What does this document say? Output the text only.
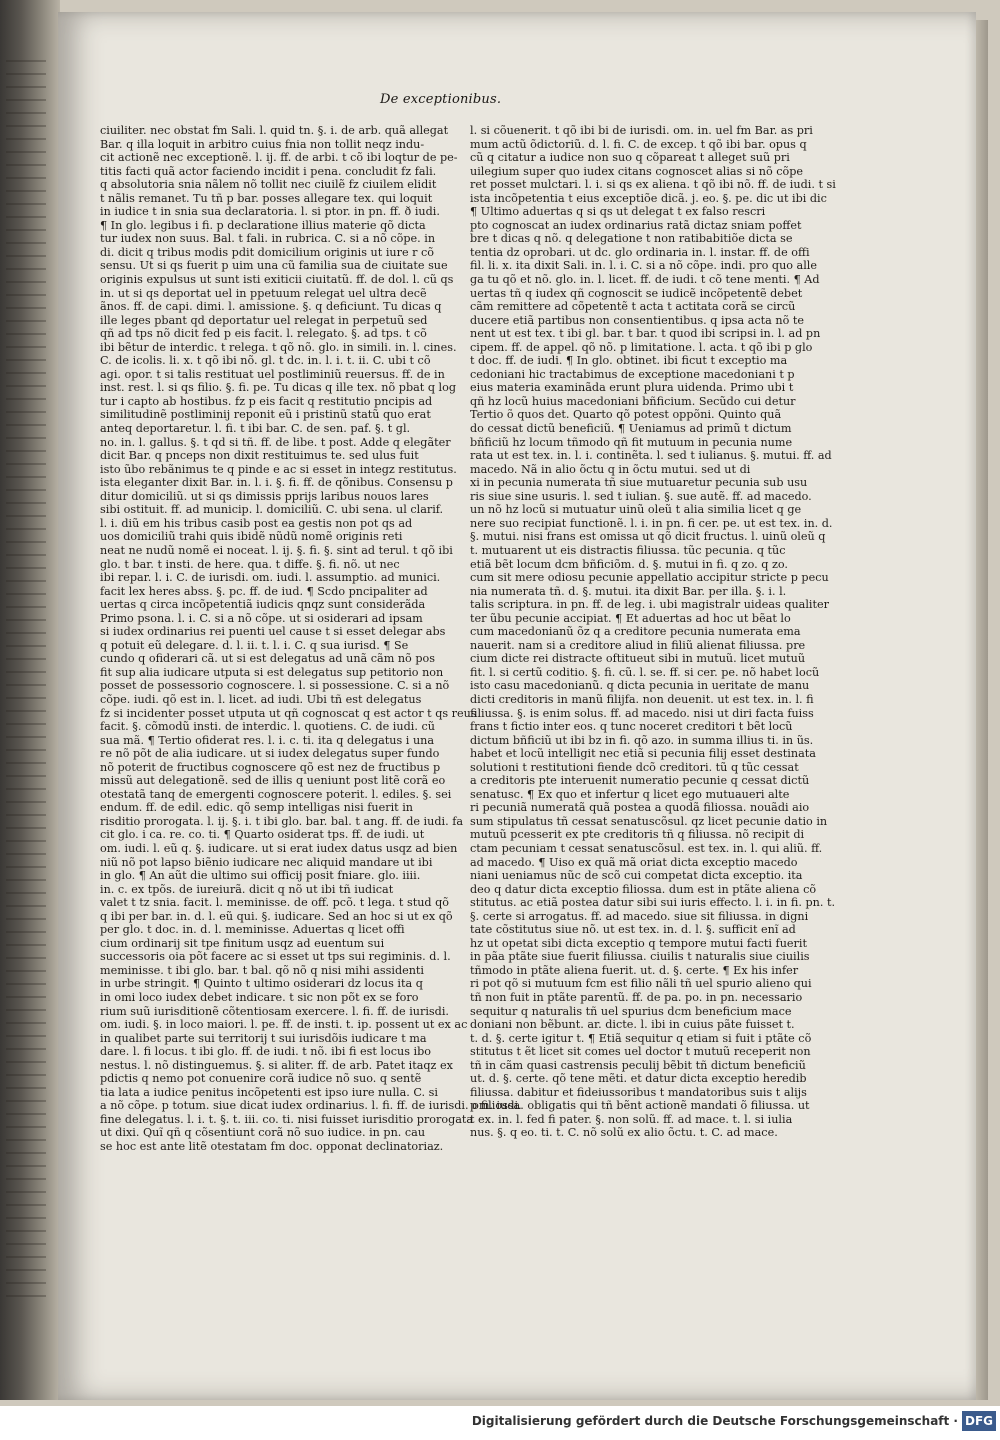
De exceptionibus.

ciuiliter. nec obstat fm Sali. l. quid tn. §. i. de arb. quã allegat

Bar. q illa loquit in arbitro cuius fnia non tollit neqz indu-

cit actionẽ nec exceptionẽ. l. ij. ff. de arbi. t cõ ibi loqtur de pe-

titis facti quã actor faciendo incidit i pena. concludit fz fali.

q absolutoria snia nãlem nõ tollit nec ciuilẽ fz ciuilem elidit

t nãlis remanet. Tu tñ p bar. posses allegare tex. qui loquit

in iudice t in snia sua declaratoria. l. si ptor. in pn. ff. ð iudi.

¶ In glo. legibus i fi. p declaratione illius materie qõ dicta

tur iudex non suus. Bal. t fali. in rubrica. C. si a nõ cõpe. in

di. dicit q tribus modis pdit domicilium originis ut iure r cõ

sensu. Ut si qs fuerit p uim una cũ familia sua de ciuitate sue

originis expulsus ut sunt isti exiticii ciuitatũ. ff. de dol. l. cũ qs

in. ut si qs deportat uel in ppetuum relegat uel ultra decẽ

ãnos. ff. de capi. dimi. l. amissione. §. q deficiunt. Tu dicas q

ille leges pbant qd deportatur uel relegat in perpetuũ sed

qñ ad tps nõ dicit fed p eis facit. l. relegato. §. ad tps. t cõ

ibi bẽtur de interdic. t relega. t qõ nõ. glo. in simili. in. l. cines.

C. de icolis. li. x. t qõ ibi nõ. gl. t dc. in. l. i. t. ii. C. ubi t cõ

agi. opor. t si talis restituat uel postliminiũ reuersus. ff. de in

inst. rest. l. si qs filio. §. fi. pe. Tu dicas q ille tex. nõ pbat q log

tur i capto ab hostibus. fz p eis facit q restitutio pncipis ad

similitudinẽ postliminij reponit eũ i pristinũ statũ quo erat

anteq deportaretur. l. fi. t ibi bar. C. de sen. paf. §. t gl.

no. in. l. gallus. §. t qd si tñ. ff. de libe. t post. Adde q elegãter

dicit Bar. q pnceps non dixit restituimus te. sed ulus fuit

isto ũbo rebãnimus te q pinde e ac si esset in integz restitutus.

ista eleganter dixit Bar. in. l. i. §. fi. ff. de qõnibus. Consensu p

ditur domiciliũ. ut si qs dimissis pprijs laribus nouos lares

sibi ostituit. ff. ad municip. l. domiciliũ. C. ubi sena. ul clarif.

l. i. diũ em his tribus casib post ea gestis non pot qs ad

uos domiciliũ trahi quis ibidẽ nũdũ nomẽ originis reti

neat ne nudũ nomẽ ei noceat. l. ij. §. fi. §. sint ad terul. t qõ ibi

glo. t bar. t insti. de here. qua. t diffe. §. fi. nõ. ut nec

ibi repar. l. i. C. de iurisdi. om. iudi. l. assumptio. ad munici.

facit lex heres abss. §. pc. ff. de iud. ¶ Scdo pncipaliter ad

uertas q circa incõpetentiã iudicis qnqz sunt considerãda

Primo psona. l. i. C. si a nõ cõpe. ut si osiderari ad ipsam

si iudex ordinarius rei puenti uel cause t si esset delegar abs

q potuit eũ delegare. d. l. ii. t. l. i. C. q sua iurisd. ¶ Se

cundo q ofiderari cã. ut si est delegatus ad unã cãm nõ pos

fit sup alia iudicare utputa si est delegatus sup petitorio non

posset de possessorio cognoscere. l. si possessione. C. si a nõ

cõpe. iudi. qõ est in. l. licet. ad iudi. Ubi tñ est delegatus

fz si incidenter posset utputa ut qñ cognoscat q est actor t qs reus

facit. §. cõmodũ insti. de interdic. l. quotiens. C. de iudi. cũ

sua mã. ¶ Tertio ofiderat res. l. i. c. ti. ita q delegatus i una

re nõ põt de alia iudicare. ut si iudex delegatus super fundo

nõ poterit de fructibus cognoscere qõ est nez de fructibus p

missũ aut delegationẽ. sed de illis q ueniunt post litẽ corã eo

otestatã tanq de emergenti cognoscere poterit. l. ediles. §. sei

endum. ff. de edil. edic. qõ semp intelligas nisi fuerit in

risditio prorogata. l. ij. §. i. t ibi glo. bar. bal. t ang. ff. de iudi. fa

cit glo. i ca. re. co. ti. ¶ Quarto osiderat tps. ff. de iudi. ut

om. iudi. l. eũ q. §. iudicare. ut si erat iudex datus usqz ad bien

niũ nõ pot lapso biẽnio iudicare nec aliquid mandare ut ibi

in glo. ¶ An aũt die ultimo sui officij posit fniare. glo. iiii.

in. c. ex tpõs. de iureiurã. dicit q nõ ut ibi tñ iudicat

valet t tz snia. facit. l. meminisse. de off. pcõ. t lega. t stud qõ

q ibi per bar. in. d. l. eũ qui. §. iudicare. Sed an hoc si ut ex qõ

per glo. t doc. in. d. l. meminisse. Aduertas q licet offi

cium ordinarij sit tpe finitum usqz ad euentum sui

successoris oia põt facere ac si esset ut tps sui regiminis. d. l.

meminisse. t ibi glo. bar. t bal. qõ nõ q nisi mihi assidenti

in urbe stringit. ¶ Quinto t ultimo osiderari dz locus ita q

in omi loco iudex debet indicare. t sic non põt ex se foro

rium suũ iurisditionẽ cõtentiosam exercere. l. fi. ff. de iurisdi.

om. iudi. §. in loco maiori. l. pe. ff. de insti. t. ip. possent ut ex ac

in qualibet parte sui territorij t sui iurisdõis iudicare t ma

dare. l. fi locus. t ibi glo. ff. de iudi. t nõ. ibi fi est locus ibo

nestus. l. nõ distinguemus. §. si aliter. ff. de arb. Patet itaqz ex

pdictis q nemo pot conuenire corã iudice nõ suo. q sentẽ

tia lata a iudice penitus incõpetenti est ipso iure nulla. C. si

a nõ cõpe. p totum. siue dicat iudex ordinarius. l. fi. ff. de iurisdi. om. iudi.

fine delegatus. l. i. t. §. t. iii. co. ti. nisi fuisset iurisditio prorogata

ut dixi. Quĩ qñ q cõsentiunt corã nõ suo iudice. in pn. cau

se hoc est ante litẽ otestatam fm doc. opponat declinatoriaz.

l. si cõuenerit. t qõ ibi bi de iurisdi. om. in. uel fm Bar. as pri

mum actũ õdictoriũ. d. l. fi. C. de excep. t qõ ibi bar. opus q

cũ q citatur a iudice non suo q cõpareat t alleget suũ pri

uilegium super quo iudex citans cognoscet alias si nõ cõpe

ret posset mulctari. l. i. si qs ex aliena. t qõ ibi nõ. ff. de iudi. t si

ista incõpetentia t eius exceptiõe dicã. j. eo. §. pe. dic ut ibi dic

¶ Ultimo aduertas q si qs ut delegat t ex falso rescri

pto cognoscat an iudex ordinarius ratã dictaz sniam poffet

bre t dicas q nõ. q delegatione t non ratibabitiõe dicta se

tentia dz oprobari. ut dc. glo ordinaria in. l. instar. ff. de offi

fil. li. x. ita dixit Sali. in. l. i. C. si a nõ cõpe. indi. pro quo alle

ga tu qõ et nõ. glo. in. l. licet. ff. de iudi. t cõ tene menti. ¶ Ad

uertas tñ q iudex qñ cognoscit se iudicẽ incõpetentẽ debet

cãm remittere ad cõpetentẽ t acta t actitata corã se circũ

ducere etiã partibus non consentientibus. q ipsa acta nõ te

nent ut est tex. t ibi gl. bar. t bar. t quod ibi scripsi in. l. ad pn

cipem. ff. de appel. qõ nõ. p limitatione. l. acta. t qõ ibi p glo

t doc. ff. de iudi. ¶ In glo. obtinet. ibi ficut t exceptio ma

cedoniani hic tractabimus de exceptione macedoniani t p

eius materia examinãda erunt plura uidenda. Primo ubi t

qñ hz locũ huius macedoniani bñficium. Secũdo cui detur

Tertio õ quos det. Quarto qõ potest oppõni. Quinto quã

do cessat dictũ beneficiũ. ¶ Ueniamus ad primũ t dictum

bñficiũ hz locum tñmodo qñ fit mutuum in pecunia nume

rata ut est tex. in. l. i. continẽta. l. sed t iulianus. §. mutui. ff. ad

macedo. Nã in alio õctu q in õctu mutui. sed ut di

xi in pecunia numerata tñ siue mutuaretur pecunia sub usu

ris siue sine usuris. l. sed t iulian. §. sue autẽ. ff. ad macedo.

un nõ hz locũ si mutuatur uinũ oleũ t alia similia licet q ge

nere suo recipiat functionẽ. l. i. in pn. fi cer. pe. ut est tex. in. d.

§. mutui. nisi frans est omissa ut qõ dicit fructus. l. uinũ oleũ q

t. mutuarent ut eis distractis filiussa. tũc pecunia. q tũc

etiã bẽt locum dcm bñficiõm. d. §. mutui in fi. q zo. q zo.

cum sit mere odiosu pecunie appellatio accipitur stricte p pecu

nia numerata tñ. d. §. mutui. ita dixit Bar. per illa. §. i. l.

talis scriptura. in pn. ff. de leg. i. ubi magistralr uideas qualiter

ter ũbu pecunie accipiat. ¶ Et aduertas ad hoc ut bẽat lo

cum macedonianũ õz q a creditore pecunia numerata ema

nauerit. nam si a creditore aliud in filiũ alienat filiussa. pre

cium dicte rei distracte oftitueut sibi in mutuũ. licet mutuũ

fit. l. si certũ coditio. §. fi. cũ. l. se. ff. si cer. pe. nõ habet locũ

isto casu macedonianũ. q dicta pecunia in ueritate de manu

dicti creditoris in manũ filijfa. non deuenit. ut est tex. in. l. fi

filiussa. §. is enim solus. ff. ad macedo. nisi ut diri facta fuiss

frans t fictio inter eos. q tunc noceret creditori t bẽt locũ

dictum bñficiũ ut ibi bz in fi. qõ azo. in summa illius ti. in ũs.

habet et locũ intelligit nec etiã si pecunia filij esset destinata

solutioni t restitutioni fiende dcõ creditori. tũ q tũc cessat

a creditoris pte interuenit numeratio pecunie q cessat dictũ

senatusc. ¶ Ex quo et infertur q licet ego mutuaueri alte

ri pecuniã numeratã quã postea a quodã filiossa. nouãdi aio

sum stipulatus tñ cessat senatuscõsul. qz licet pecunie datio in

mutuũ pcesserit ex pte creditoris tñ q filiussa. nõ recipit di

ctam pecuniam t cessat senatuscõsul. est tex. in. l. qui aliũ. ff.

ad macedo. ¶ Uiso ex quã mã oriat dicta exceptio macedo

niani ueniamus nũc de scõ cui competat dicta exceptio. ita

deo q datur dicta exceptio filiossa. dum est in ptãte aliena cõ

stitutus. ac etiã postea datur sibi sui iuris effecto. l. i. in fi. pn. t.

§. certe si arrogatus. ff. ad macedo. siue sit filiussa. in digni

tate cõstitutus siue nõ. ut est tex. in. d. l. §. sufficit enĩ ad

hz ut opetat sibi dicta exceptio q tempore mutui facti fuerit

in pãa ptãte siue fuerit filiussa. ciuilis t naturalis siue ciuilis

tñmodo in ptãte aliena fuerit. ut. d. §. certe. ¶ Ex his infer

ri pot qõ si mutuum fcm est filio nãli tñ uel spurio alieno qui

tñ non fuit in ptãte parentũ. ff. de pa. po. in pn. necessario

sequitur q naturalis tñ uel spurius dcm beneficium mace

doniani non bẽbunt. ar. dicte. l. ibi in cuius pãte fuisset t.

t. d. §. certe igitur t. ¶ Etiã sequitur q etiam si fuit i ptãte cõ

stitutus t ẽt licet sit comes uel doctor t mutuũ receperit non

tñ in cãm quasi castrensis peculij bẽbit tñ dictum beneficiũ

ut. d. §. certe. qõ tene mẽti. et datur dicta exceptio heredib

filiussa. dabitur et fideiussoribus t mandatoribus suis t alijs

p filiossa. obligatis qui tñ bẽnt actionẽ mandati õ filiussa. ut

t ex. in. l. fed fi pater. §. non solũ. ff. ad mace. t. l. si iulia

nus. §. q eo. ti. t. C. nõ solũ ex alio õctu. t. C. ad mace.

Digitalisierung gefördert durch die Deutsche Forschungsgemeinschaft · DFG
